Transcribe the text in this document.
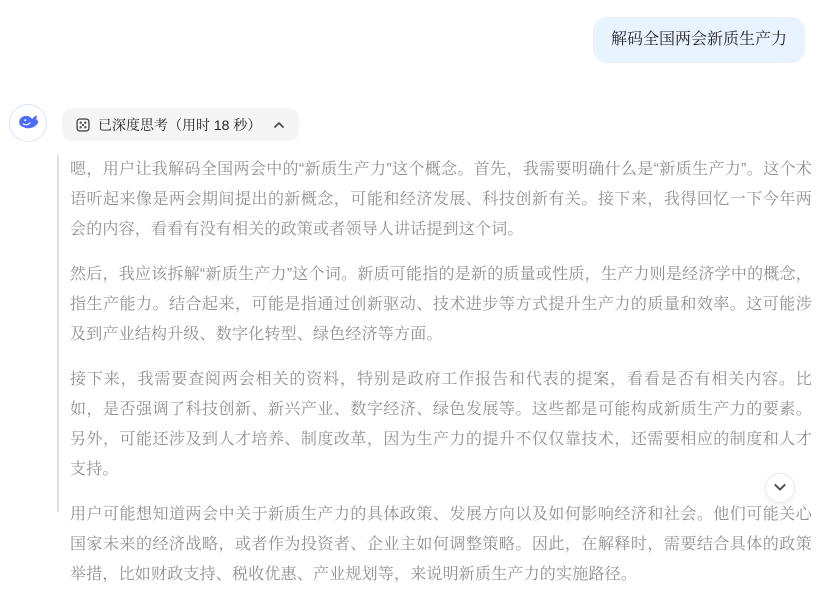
解码全国两会新质生产力
已深度思考（用时 18 秒）

嗯，用户让我解码全国两会中的“新质生产力”这个概念。首先，我需要明确什么是“新质生产力”。这个术语听起来像是两会期间提出的新概念，可能和经济发展、科技创新有关。接下来，我得回忆一下今年两会的内容，看看有没有相关的政策或者领导人讲话提到这个词。

然后，我应该拆解“新质生产力”这个词。新质可能指的是新的质量或性质，生产力则是经济学中的概念，指生产能力。结合起来，可能是指通过创新驱动、技术进步等方式提升生产力的质量和效率。这可能涉及到产业结构升级、数字化转型、绿色经济等方面。

接下来，我需要查阅两会相关的资料，特别是政府工作报告和代表的提案，看看是否有相关内容。比如，是否强调了科技创新、新兴产业、数字经济、绿色发展等。这些都是可能构成新质生产力的要素。另外，可能还涉及到人才培养、制度改革，因为生产力的提升不仅仅靠技术，还需要相应的制度和人才支持。

用户可能想知道两会中关于新质生产力的具体政策、发展方向以及如何影响经济和社会。他们可能关心国家未来的经济战略，或者作为投资者、企业主如何调整策略。因此，在解释时，需要结合具体的政策举措，比如财政支持、税收优惠、产业规划等，来说明新质生产力的实施路径。
